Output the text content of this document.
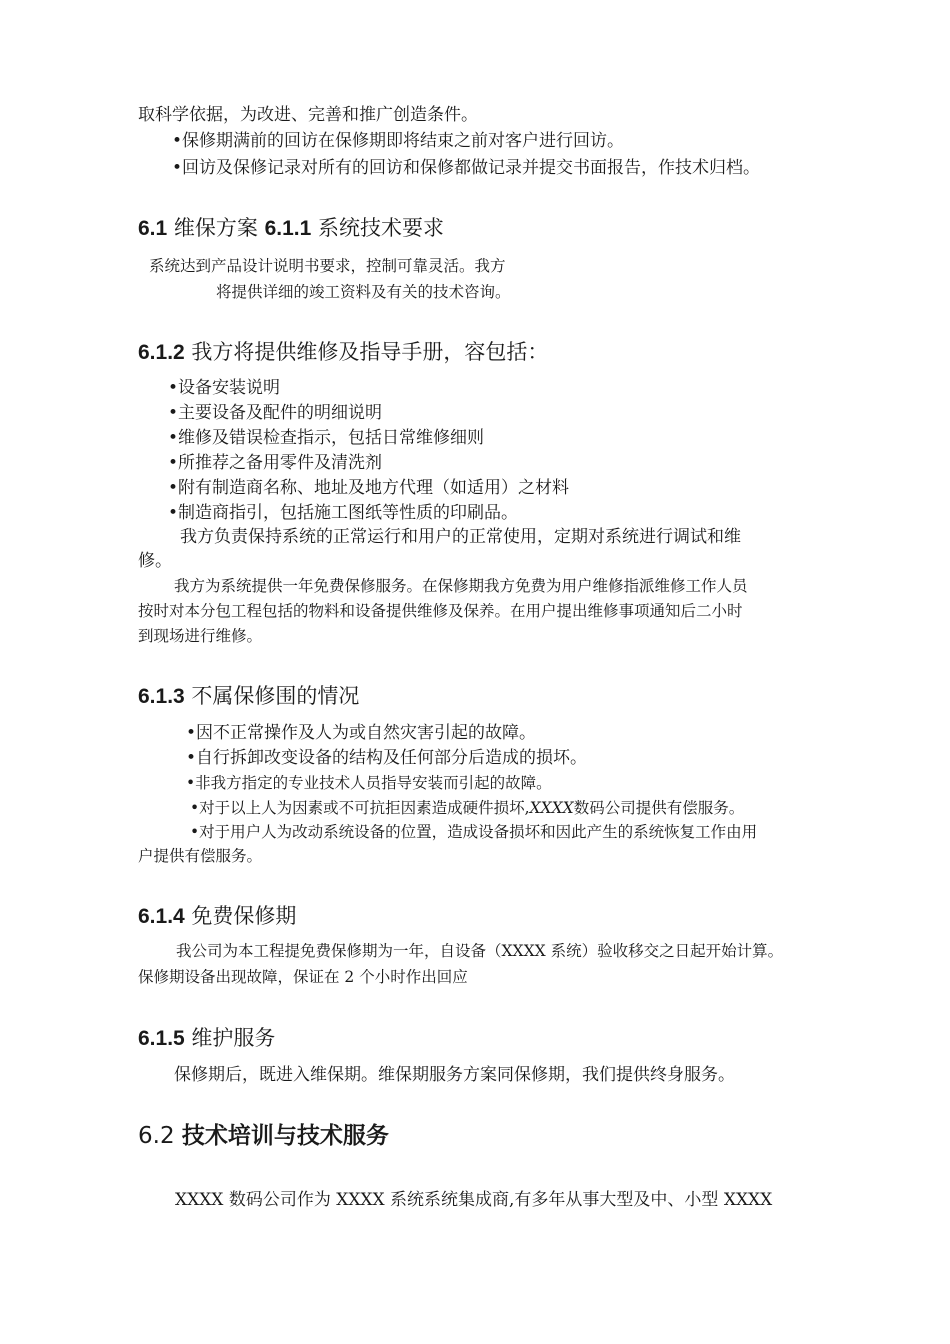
取科学依据，为改进、完善和推广创造条件。
•保修期满前的回访在保修期即将结束之前对客户进行回访。
•回访及保修记录对所有的回访和保修都做记录并提交书面报告，作技术归档。
6.1 维保方案 6.1.1 系统技术要求
系统达到产品设计说明书要求，控制可靠灵活。我方
将提供详细的竣工资料及有关的技术咨询。
6.1.2 我方将提供维修及指导手册，容包括：
•设备安装说明
•主要设备及配件的明细说明
•维修及错误检查指示，包括日常维修细则
•所推荐之备用零件及清洗剂
•附有制造商名称、地址及地方代理（如适用）之材料
•制造商指引，包括施工图纸等性质的印刷品。
我方负责保持系统的正常运行和用户的正常使用，定期对系统进行调试和维
修。
我方为系统提供一年免费保修服务。在保修期我方免费为用户维修指派维修工作人员
按时对本分包工程包括的物料和设备提供维修及保养。在用户提出维修事项通知后二小时
到现场进行维修。
6.1.3 不属保修围的情况
•因不正常操作及人为或自然灾害引起的故障。
•自行拆卸改变设备的结构及任何部分后造成的损坏。
•非我方指定的专业技术人员指导安装而引起的故障。
•对于以上人为因素或不可抗拒因素造成硬件损坏,XXXX数码公司提供有偿服务。
•对于用户人为改动系统设备的位置，造成设备损坏和因此产生的系统恢复工作由用
户提供有偿服务。
6.1.4 免费保修期
我公司为本工程提免费保修期为一年，自设备（XXXX 系统）验收移交之日起开始计算。
保修期设备出现故障，保证在 2 个小时作出回应
6.1.5 维护服务
保修期后，既进入维保期。维保期服务方案同保修期，我们提供终身服务。
6.2 技术培训与技术服务
XXXX 数码公司作为 XXXX 系统系统集成商,有多年从事大型及中、小型 XXXX
